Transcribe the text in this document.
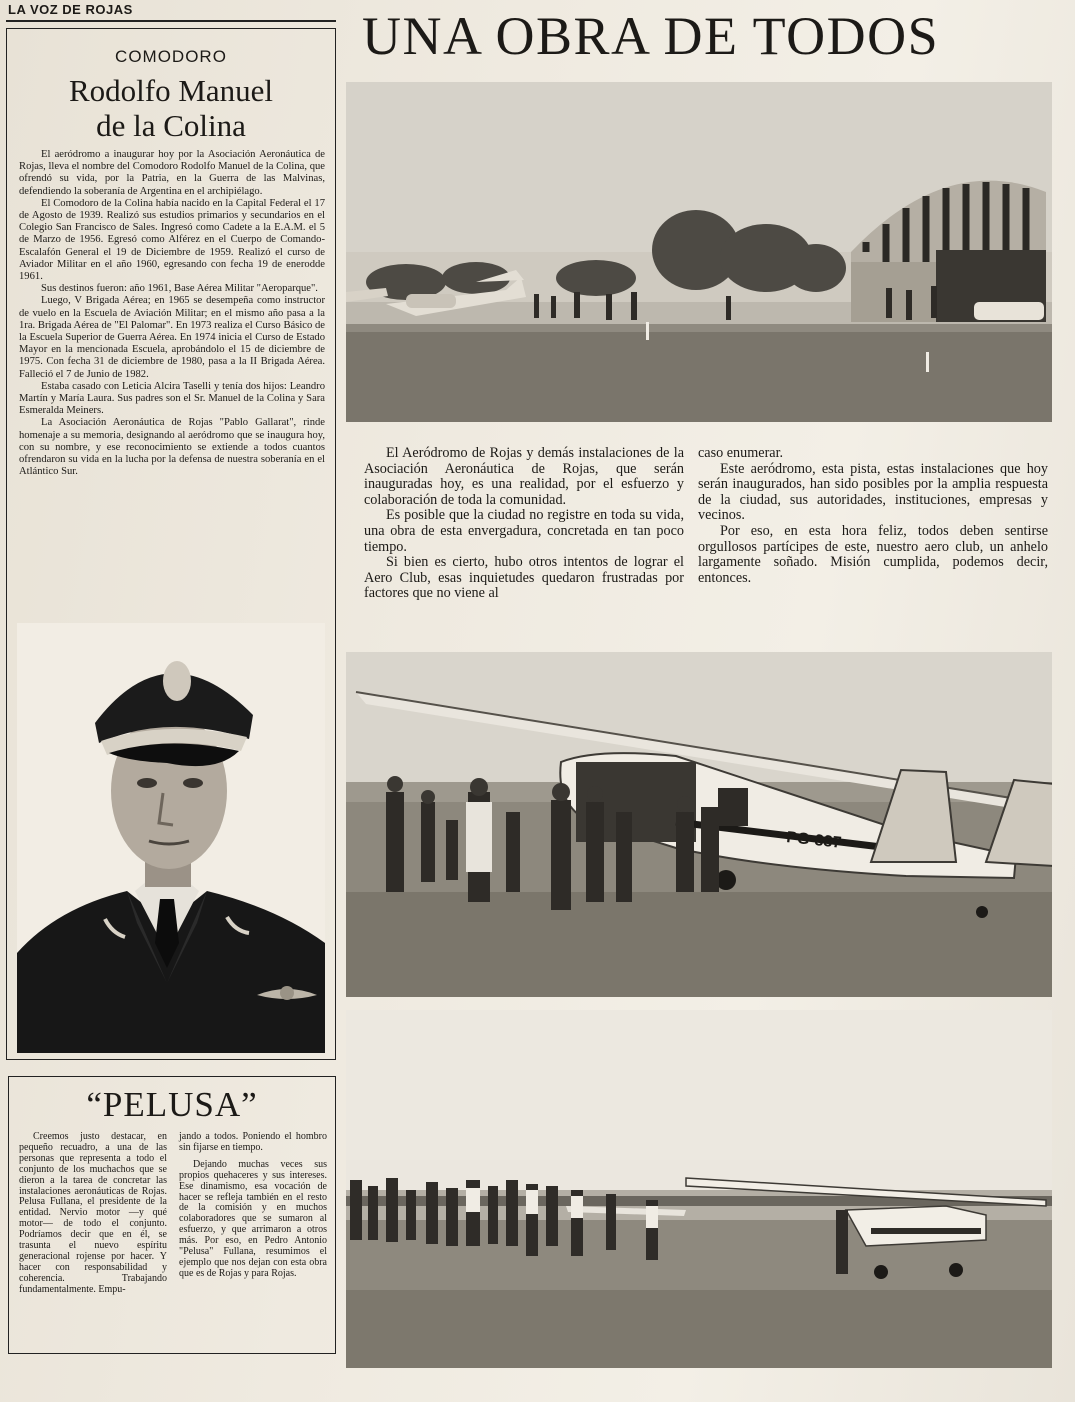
LA VOZ DE ROJAS
COMODORO
Rodolfo Manuel
de la Colina

El aeródromo a inaugurar hoy por la Asociación Aeronáutica de Rojas, lleva el nombre del Comodoro Rodolfo Manuel de la Colina, que ofrendó su vida, por la Patria, en la Guerra de las Malvinas, defendiendo la soberanía de Argentina en el archipiélago.

El Comodoro de la Colina había nacido en la Capital Federal el 17 de Agosto de 1939. Realizó sus estudios primarios y secundarios en el Colegio San Francisco de Sales. Ingresó como Cadete a la E.A.M. el 5 de Marzo de 1956. Egresó como Alférez en el Cuerpo de Comando-Escalafón General el 19 de Diciembre de 1959. Realizó el curso de Aviador Militar en el año 1960, egresando con fecha 19 de enerodde 1961.

Sus destinos fueron: año 1961, Base Aérea Militar "Aeroparque".

Luego, V Brigada Aérea; en 1965 se desempeña como instructor de vuelo en la Escuela de Aviación Militar; en el mismo año pasa a la 1ra. Brigada Aérea de "El Palomar". En 1973 realiza el Curso Básico de la Escuela Superior de Guerra Aérea. En 1974 inicia el Curso de Estado Mayor en la mencionada Escuela, aprobándolo el 15 de diciembre de 1975. Con fecha 31 de diciembre de 1980, pasa a la II Brigada Aérea. Falleció el 7 de Junio de 1982.

Estaba casado con Leticia Alcira Taselli y tenía dos hijos: Leandro Martín y María Laura. Sus padres son el Sr. Manuel de la Colina y Sara Esmeralda Meiners.

La Asociación Aeronáutica de Rojas "Pablo Gallarat", rinde homenaje a su memoria, designando al aeródromo que se inaugura hoy, con su nombre, y ese reconocimiento se extiende a todos cuantos ofrendaron su vida en la lucha por la defensa de nuestra soberanía en el Atlántico Sur.

UNA OBRA DE TODOS

El Aeródromo de Rojas y demás instalaciones de la Asociación Aeronáutica de Rojas, que serán inauguradas hoy, es una realidad, por el esfuerzo y colaboración de toda la comunidad.

Es posible que la ciudad no registre en toda su vida, una obra de esta envergadura, concretada en tan poco tiempo.

Si bien es cierto, hubo otros intentos de lograr el Aero Club, esas inquietudes quedaron frustradas por factores que no viene al

caso enumerar.

Este aeródromo, esta pista, estas instalaciones que hoy serán inaugurados, han sido posibles por la amplia respuesta de la ciudad, sus autoridades, instituciones, empresas y vecinos.

Por eso, en esta hora feliz, todos deben sentirse orgullosos partícipes de este, nuestro aero club, un anhelo largamente soñado. Misión cumplida, podemos decir, entonces.

PG-337
“PELUSA”

Creemos justo destacar, en pequeño recuadro, a una de las personas que representa a todo el conjunto de los muchachos que se dieron a la tarea de concretar las instalaciones aeronáuticas de Rojas. Pelusa Fullana, el presidente de la entidad. Nervio motor —y qué motor— de todo el conjunto. Podríamos decir que en él, se trasunta el nuevo espíritu generacional rojense por hacer. Y hacer con responsabilidad y coherencia. Trabajando fundamentalmente. Empu-

jando a todos. Poniendo el hombro sin fijarse en tiempo.

Dejando muchas veces sus propios quehaceres y sus intereses. Ese dinamismo, esa vocación de hacer se refleja también en el resto de la comisión y en muchos colaboradores que se sumaron al esfuerzo, y que arrimaron a otros más. Por eso, en Pedro Antonio "Pelusa" Fullana, resumimos el ejemplo que nos dejan con esta obra que es de Rojas y para Rojas.
